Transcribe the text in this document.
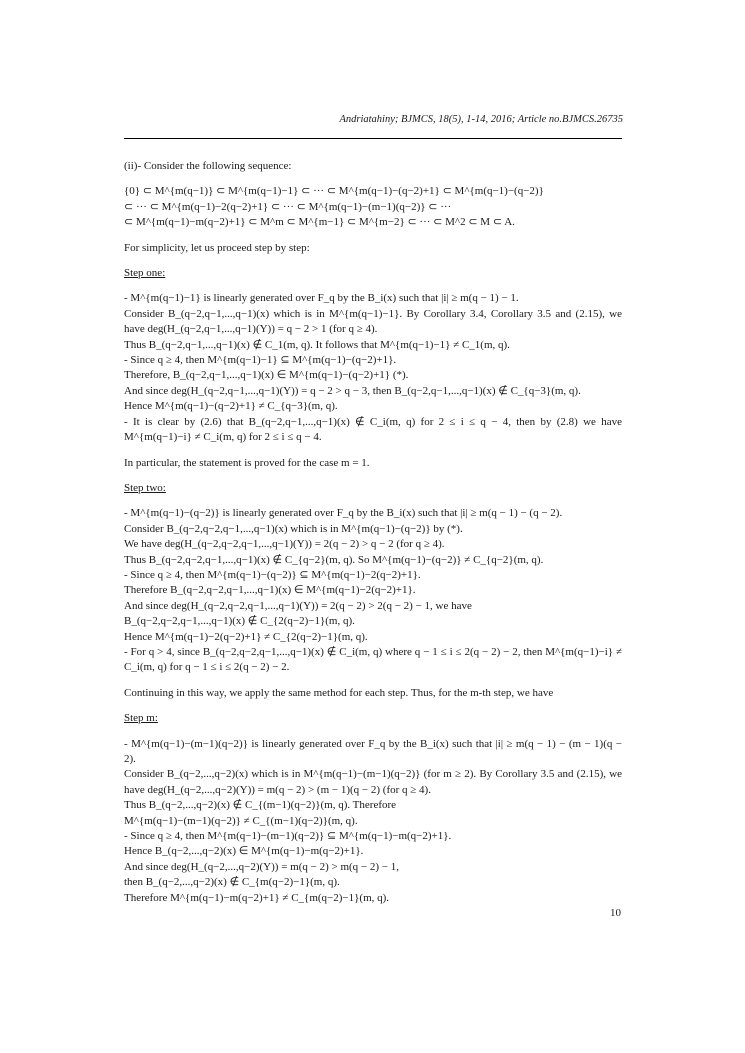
Andriatahiny; BJMCS, 18(5), 1-14, 2016; Article no.BJMCS.26735

(ii)- Consider the following sequence:

{0} ⊂ M^{m(q−1)} ⊂ M^{m(q−1)−1} ⊂ ··· ⊂ M^{m(q−1)−(q−2)+1} ⊂ M^{m(q−1)−(q−2)}

⊂ ··· ⊂ M^{m(q−1)−2(q−2)+1} ⊂ ··· ⊂ M^{m(q−1)−(m−1)(q−2)} ⊂ ···

⊂ M^{m(q−1)−m(q−2)+1} ⊂ M^m ⊂ M^{m−1} ⊂ M^{m−2} ⊂ ··· ⊂ M^2 ⊂ M ⊂ A.

For simplicity, let us proceed step by step:

Step one:

- M^{m(q−1)−1} is linearly generated over F_q by the B_i(x) such that |i| ≥ m(q − 1) − 1.

Consider B_(q−2,q−1,...,q−1)(x) which is in M^{m(q−1)−1}. By Corollary 3.4, Corollary 3.5 and (2.15), we have deg(H_(q−2,q−1,...,q−1)(Y)) = q − 2 > 1 (for q ≥ 4).

Thus B_(q−2,q−1,...,q−1)(x) ∉ C_1(m, q). It follows that M^{m(q−1)−1} ≠ C_1(m, q).

- Since q ≥ 4, then M^{m(q−1)−1} ⊆ M^{m(q−1)−(q−2)+1}.

Therefore, B_(q−2,q−1,...,q−1)(x) ∈ M^{m(q−1)−(q−2)+1} (*).

And since deg(H_(q−2,q−1,...,q−1)(Y)) = q − 2 > q − 3, then B_(q−2,q−1,...,q−1)(x) ∉ C_{q−3}(m, q).

Hence M^{m(q−1)−(q−2)+1} ≠ C_{q−3}(m, q).

- It is clear by (2.6) that B_(q−2,q−1,...,q−1)(x) ∉ C_i(m, q) for 2 ≤ i ≤ q − 4, then by (2.8) we have M^{m(q−1)−i} ≠ C_i(m, q) for 2 ≤ i ≤ q − 4.

In particular, the statement is proved for the case m = 1.

Step two:

- M^{m(q−1)−(q−2)} is linearly generated over F_q by the B_i(x) such that |i| ≥ m(q − 1) − (q − 2).

Consider B_(q−2,q−2,q−1,...,q−1)(x) which is in M^{m(q−1)−(q−2)} by (*).

We have deg(H_(q−2,q−2,q−1,...,q−1)(Y)) = 2(q − 2) > q − 2 (for q ≥ 4).

Thus B_(q−2,q−2,q−1,...,q−1)(x) ∉ C_{q−2}(m, q). So M^{m(q−1)−(q−2)} ≠ C_{q−2}(m, q).

- Since q ≥ 4, then M^{m(q−1)−(q−2)} ⊆ M^{m(q−1)−2(q−2)+1}.

Therefore B_(q−2,q−2,q−1,...,q−1)(x) ∈ M^{m(q−1)−2(q−2)+1}.

And since deg(H_(q−2,q−2,q−1,...,q−1)(Y)) = 2(q − 2) > 2(q − 2) − 1, we have

B_(q−2,q−2,q−1,...,q−1)(x) ∉ C_{2(q−2)−1}(m, q).

Hence M^{m(q−1)−2(q−2)+1} ≠ C_{2(q−2)−1}(m, q).

- For q > 4, since B_(q−2,q−2,q−1,...,q−1)(x) ∉ C_i(m, q) where q − 1 ≤ i ≤ 2(q − 2) − 2, then M^{m(q−1)−i} ≠ C_i(m, q) for q − 1 ≤ i ≤ 2(q − 2) − 2.

Continuing in this way, we apply the same method for each step. Thus, for the m-th step, we have

Step m:

- M^{m(q−1)−(m−1)(q−2)} is linearly generated over F_q by the B_i(x) such that |i| ≥ m(q − 1) − (m − 1)(q − 2).

Consider B_(q−2,...,q−2)(x) which is in M^{m(q−1)−(m−1)(q−2)} (for m ≥ 2). By Corollary 3.5 and (2.15), we have deg(H_(q−2,...,q−2)(Y)) = m(q − 2) > (m − 1)(q − 2) (for q ≥ 4).

Thus B_(q−2,...,q−2)(x) ∉ C_{(m−1)(q−2)}(m, q). Therefore

M^{m(q−1)−(m−1)(q−2)} ≠ C_{(m−1)(q−2)}(m, q).

- Since q ≥ 4, then M^{m(q−1)−(m−1)(q−2)} ⊆ M^{m(q−1)−m(q−2)+1}.

Hence B_(q−2,...,q−2)(x) ∈ M^{m(q−1)−m(q−2)+1}.

And since deg(H_(q−2,...,q−2)(Y)) = m(q − 2) > m(q − 2) − 1,

then B_(q−2,...,q−2)(x) ∉ C_{m(q−2)−1}(m, q).

Therefore M^{m(q−1)−m(q−2)+1} ≠ C_{m(q−2)−1}(m, q).

10
